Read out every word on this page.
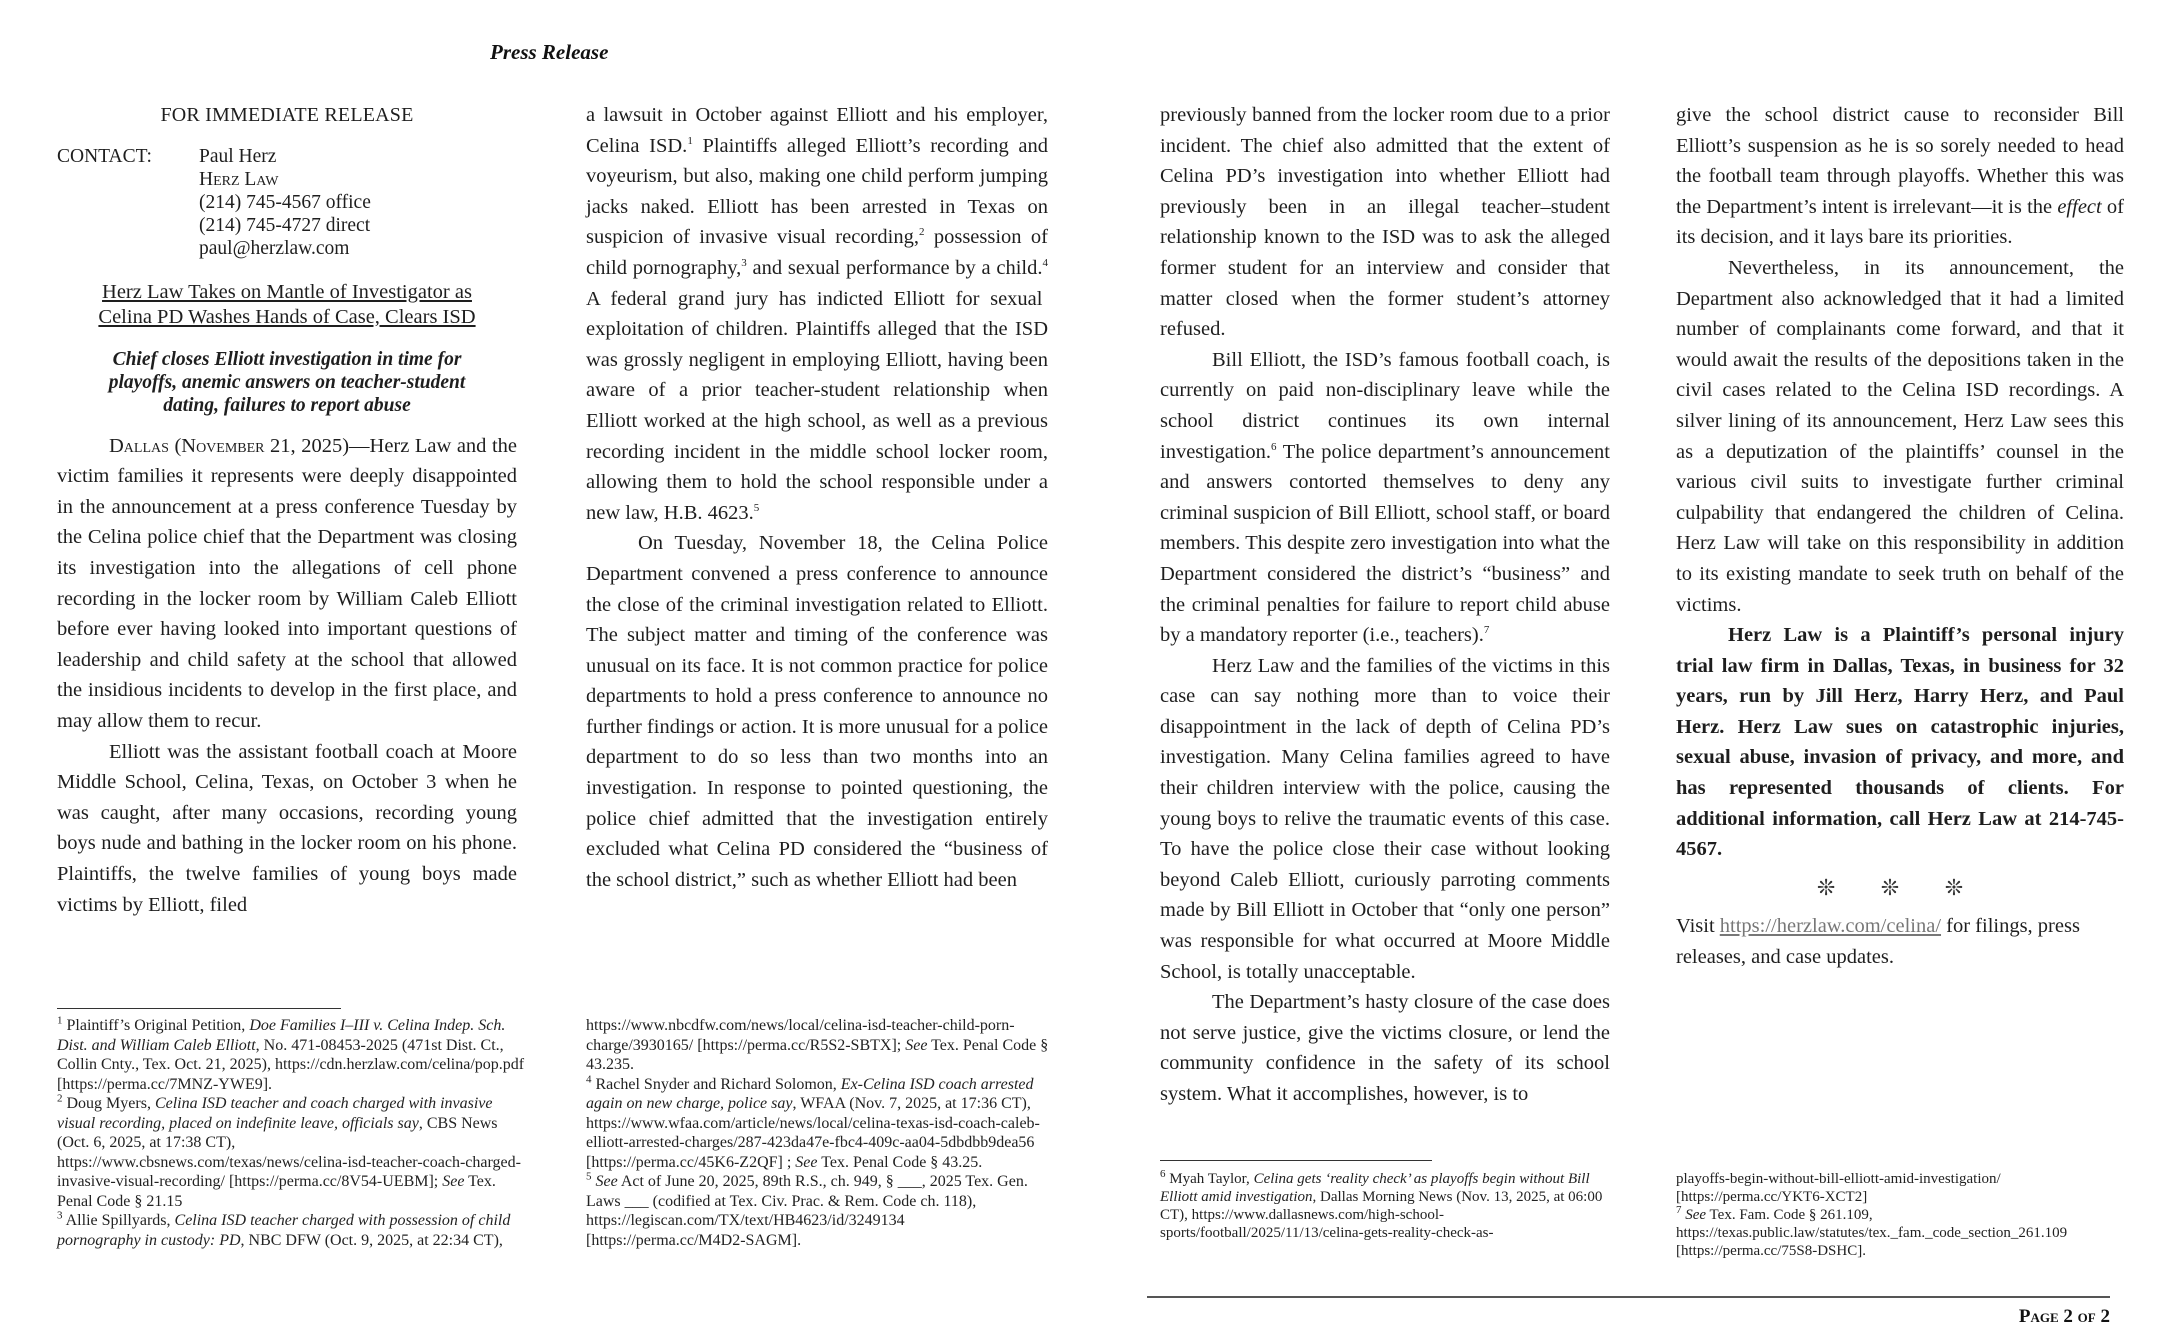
Press Release
FOR IMMEDIATE RELEASE
CONTACT:	Paul Herz
Herz Law
(214) 745-4567 office
(214) 745-4727 direct
paul@herzlaw.com
Herz Law Takes on Mantle of Investigator as
Celina PD Washes Hands of Case, Clears ISD
Chief closes Elliott investigation in time for playoffs, anemic answers on teacher-student dating, failures to report abuse

Dallas (November 21, 2025)—Herz Law and the victim families it represents were deeply disappointed in the announcement at a press conference Tuesday by the Celina police chief that the Department was closing its investigation into the allegations of cell phone recording in the locker room by William Caleb Elliott before ever having looked into important questions of leadership and child safety at the school that allowed the insidious incidents to develop in the first place, and may allow them to recur.

Elliott was the assistant football coach at Moore Middle School, Celina, Texas, on October 3 when he was caught, after many occasions, recording young boys nude and bathing in the locker room on his phone. Plaintiffs, the twelve families of young boys made victims by Elliott, filed

a lawsuit in October against Elliott and his employer, Celina ISD.$^1$ Plaintiffs alleged Elliott’s recording and voyeurism, but also, making one child perform jumping jacks naked. Elliott has been arrested in Texas on suspicion of invasive visual recording,$^2$ possession of child pornography,$^3$ and sexual performance by a child.$^4$ A federal grand jury has indicted Elliott for sexual exploitation of children. Plaintiffs alleged that the ISD was grossly negligent in employing Elliott, having been aware of a prior teacher-student relationship when Elliott worked at the high school, as well as a previous recording incident in the middle school locker room, allowing them to hold the school responsible under a new law, H.B. 4623.$^5$

On Tuesday, November 18, the Celina Police Department convened a press conference to announce the close of the criminal investigation related to Elliott. The subject matter and timing of the conference was unusual on its face. It is not common practice for police departments to hold a press conference to announce no further findings or action. It is more unusual for a police department to do so less than two months into an investigation. In response to pointed questioning, the police chief admitted that the investigation entirely excluded what Celina PD considered the “business of the school district,” such as whether Elliott had been

previously banned from the locker room due to a prior incident. The chief also admitted that the extent of Celina PD’s investigation into whether Elliott had previously been in an illegal teacher–student relationship known to the ISD was to ask the alleged former student for an interview and consider that matter closed when the former student’s attorney refused.

Bill Elliott, the ISD’s famous football coach, is currently on paid non-disciplinary leave while the school district continues its own internal investigation.$^6$ The police department’s announcement and answers contorted themselves to deny any criminal suspicion of Bill Elliott, school staff, or board members. This despite zero investigation into what the Department considered the district’s “business” and the criminal penalties for failure to report child abuse by a mandatory reporter (i.e., teachers).$^7$

Herz Law and the families of the victims in this case can say nothing more than to voice their disappointment in the lack of depth of Celina PD’s investigation. Many Celina families agreed to have their children interview with the police, causing the young boys to relive the traumatic events of this case. To have the police close their case without looking beyond Caleb Elliott, curiously parroting comments made by Bill Elliott in October that “only one person” was responsible for what occurred at Moore Middle School, is totally unacceptable.

The Department’s hasty closure of the case does not serve justice, give the victims closure, or lend the community confidence in the safety of its school system. What it accomplishes, however, is to

give the school district cause to reconsider Bill Elliott’s suspension as he is so sorely needed to head the football team through playoffs. Whether this was the Department’s intent is irrelevant—it is the effect of its decision, and it lays bare its priorities.

Nevertheless, in its announcement, the Department also acknowledged that it had a limited number of complainants come forward, and that it would await the results of the depositions taken in the civil cases related to the Celina ISD recordings. A silver lining of its announcement, Herz Law sees this as a deputization of the plaintiffs’ counsel in the various civil suits to investigate further criminal culpability that endangered the children of Celina. Herz Law will take on this responsibility in addition to its existing mandate to seek truth on behalf of the victims.

Herz Law is a Plaintiff’s personal injury trial law firm in Dallas, Texas, in business for 32 years, run by Jill Herz, Harry Herz, and Paul Herz. Herz Law sues on catastrophic injuries, sexual abuse, invasion of privacy, and more, and has represented thousands of clients. For additional information, call Herz Law at 214-745-4567.

❊ ❊ ❊

Visit https://herzlaw.com/celina/ for filings, press releases, and case updates.

$^1$ Plaintiff’s Original Petition, Doe Families I–III v. Celina Indep. Sch. Dist. and William Caleb Elliott, No. 471-08453-2025 (471st Dist. Ct., Collin Cnty., Tex. Oct. 21, 2025), https://cdn.herzlaw.com/celina/pop.pdf [https://perma.cc/7MNZ-YWE9].

$^2$ Doug Myers, Celina ISD teacher and coach charged with invasive visual recording, placed on indefinite leave, officials say, CBS News (Oct. 6, 2025, at 17:38 CT), https://www.cbsnews.com/texas/news/celina-isd-teacher-coach-charged-invasive-visual-recording/ [https://perma.cc/8V54-UEBM]; See Tex. Penal Code § 21.15

$^3$ Allie Spillyards, Celina ISD teacher charged with possession of child pornography in custody: PD, NBC DFW (Oct. 9, 2025, at 22:34 CT),

https://www.nbcdfw.com/news/local/celina-isd-teacher-child-porn-charge/3930165/ [https://perma.cc/R5S2-SBTX]; See Tex. Penal Code § 43.235.

$^4$ Rachel Snyder and Richard Solomon, Ex-Celina ISD coach arrested again on new charge, police say, WFAA (Nov. 7, 2025, at 17:36 CT), https://www.wfaa.com/article/news/local/celina-texas-isd-coach-caleb-elliott-arrested-charges/287-423da47e-fbc4-409c-aa04-5dbdbb9dea56 [https://perma.cc/45K6-Z2QF] ; See Tex. Penal Code § 43.25.

$^5$ See Act of June 20, 2025, 89th R.S., ch. 949, § ___, 2025 Tex. Gen. Laws ___ (codified at Tex. Civ. Prac. & Rem. Code ch. 118), https://legiscan.com/TX/text/HB4623/id/3249134 [https://perma.cc/M4D2-SAGM].

$^6$ Myah Taylor, Celina gets ‘reality check’ as playoffs begin without Bill Elliott amid investigation, Dallas Morning News (Nov. 13, 2025, at 06:00 CT), https://www.dallasnews.com/high-school-sports/football/2025/11/13/celina-gets-reality-check-as-

playoffs-begin-without-bill-elliott-amid-investigation/ [https://perma.cc/YKT6-XCT2]

$^7$ See Tex. Fam. Code § 261.109, https://texas.public.law/statutes/tex._fam._code_section_261.109 [https://perma.cc/75S8-DSHC].

Page 2 of 2
